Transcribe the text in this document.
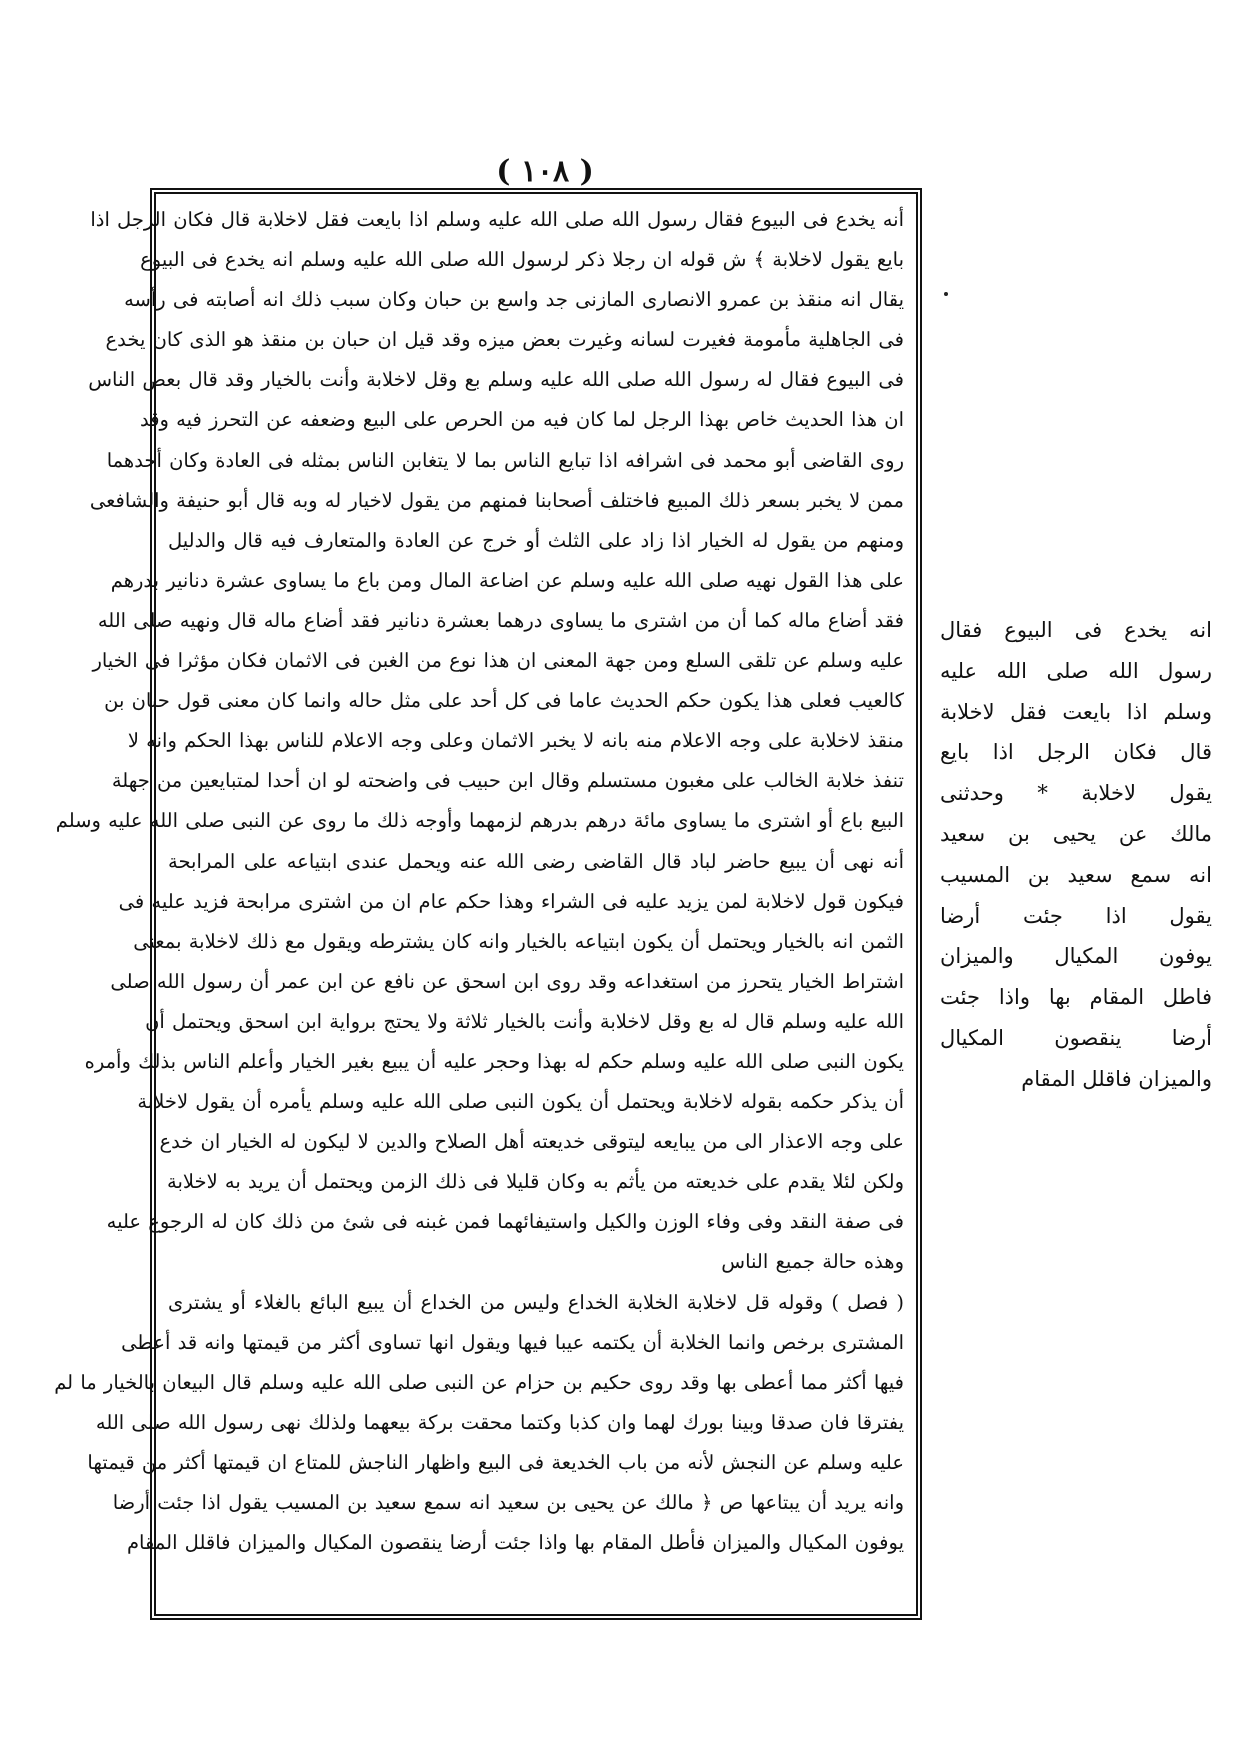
( ١٠٨ )
أنه يخدع فى البيوع فقال رسول الله صلى الله عليه وسلم اذا بايعت فقل لاخلابة قال فكان الرجل اذا
بايع يقول لاخلابة ﴾ ش قوله ان رجلا ذكر لرسول الله صلى الله عليه وسلم انه يخدع فى البيوع
يقال انه منقذ بن عمرو الانصارى المازنى جد واسع بن حبان وكان سبب ذلك انه أصابته فى رأسه
فى الجاهلية مأمومة فغيرت لسانه وغيرت بعض ميزه وقد قيل ان حبان بن منقذ هو الذى كان يخدع
فى البيوع فقال له رسول الله صلى الله عليه وسلم بع وقل لاخلابة وأنت بالخيار وقد قال بعض الناس
ان هذا الحديث خاص بهذا الرجل لما كان فيه من الحرص على البيع وضعفه عن التحرز فيه وقد
روى القاضى أبو محمد فى اشرافه اذا تبايع الناس بما لا يتغابن الناس بمثله فى العادة وكان أحدهما
ممن لا يخبر بسعر ذلك المبيع فاختلف أصحابنا فمنهم من يقول لاخيار له وبه قال أبو حنيفة والشافعى
ومنهم من يقول له الخيار اذا زاد على الثلث أو خرج عن العادة والمتعارف فيه قال والدليل
على هذا القول نهيه صلى الله عليه وسلم عن اضاعة المال ومن باع ما يساوى عشرة دنانير بدرهم
فقد أضاع ماله كما أن من اشترى ما يساوى درهما بعشرة دنانير فقد أضاع ماله قال ونهيه صلى الله
عليه وسلم عن تلقى السلع ومن جهة المعنى ان هذا نوع من الغبن فى الاثمان فكان مؤثرا فى الخيار
كالعيب فعلى هذا يكون حكم الحديث عاما فى كل أحد على مثل حاله وانما كان معنى قول حبان بن
منقذ لاخلابة على وجه الاعلام منه بانه لا يخبر الاثمان وعلى وجه الاعلام للناس بهذا الحكم وانه لا
تنفذ خلابة الخالب على مغبون مستسلم وقال ابن حبيب فى واضحته لو ان أحدا لمتبايعين من جهلة
البيع باع أو اشترى ما يساوى مائة درهم بدرهم لزمهما وأوجه ذلك ما روى عن النبى صلى الله عليه وسلم
أنه نهى أن يبيع حاضر لباد قال القاضى رضى الله عنه ويحمل عندى ابتياعه على المرابحة
فيكون قول لاخلابة لمن يزيد عليه فى الشراء وهذا حكم عام ان من اشترى مرابحة فزيد عليه فى
الثمن انه بالخيار ويحتمل أن يكون ابتياعه بالخيار وانه كان يشترطه ويقول مع ذلك لاخلابة بمعنى
اشتراط الخيار يتحرز من استغداعه وقد روى ابن اسحق عن نافع عن ابن عمر أن رسول الله صلى
الله عليه وسلم قال له بع وقل لاخلابة وأنت بالخيار ثلاثة ولا يحتج برواية ابن اسحق ويحتمل أن
يكون النبى صلى الله عليه وسلم حكم له بهذا وحجر عليه أن يبيع بغير الخيار وأعلم الناس بذلك وأمره
أن يذكر حكمه بقوله لاخلابة ويحتمل أن يكون النبى صلى الله عليه وسلم يأمره أن يقول لاخلابة
على وجه الاعذار الى من يبايعه ليتوقى خديعته أهل الصلاح والدين لا ليكون له الخيار ان خدع
ولكن لئلا يقدم على خديعته من يأثم به وكان قليلا فى ذلك الزمن ويحتمل أن يريد به لاخلابة
فى صفة النقد وفى وفاء الوزن والكيل واستيفائهما فمن غبنه فى شئ من ذلك كان له الرجوع عليه
وهذه حالة جميع الناس
( فصل ) وقوله قل لاخلابة الخلابة الخداع وليس من الخداع أن يبيع البائع بالغلاء أو يشترى
المشترى برخص وانما الخلابة أن يكتمه عيبا فيها ويقول انها تساوى أكثر من قيمتها وانه قد أعطى
فيها أكثر مما أعطى بها وقد روى حكيم بن حزام عن النبى صلى الله عليه وسلم قال البيعان بالخيار ما لم
يفترقا فان صدقا وبينا بورك لهما وان كذبا وكتما محقت بركة بيعهما ولذلك نهى رسول الله صلى الله
عليه وسلم عن النجش لأنه من باب الخديعة فى البيع واظهار الناجش للمتاع ان قيمتها أكثر من قيمتها
وانه يريد أن يبتاعها ص ﴿ مالك عن يحيى بن سعيد انه سمع سعيد بن المسيب يقول اذا جئت أرضا
يوفون المكيال والميزان فأطل المقام بها واذا جئت أرضا ينقصون المكيال والميزان فاقلل المقام
انه يخدع فى البيوع فقال
رسول الله صلى الله عليه
وسلم اذا بايعت فقل لاخلابة
قال فكان الرجل اذا بايع
يقول لاخلابة * وحدثنى
مالك عن يحيى بن سعيد
انه سمع سعيد بن المسيب
يقول اذا جئت أرضا
يوفون المكيال والميزان
فاطل المقام بها واذا جئت
أرضا ينقصون المكيال
والميزان فاقلل المقام
